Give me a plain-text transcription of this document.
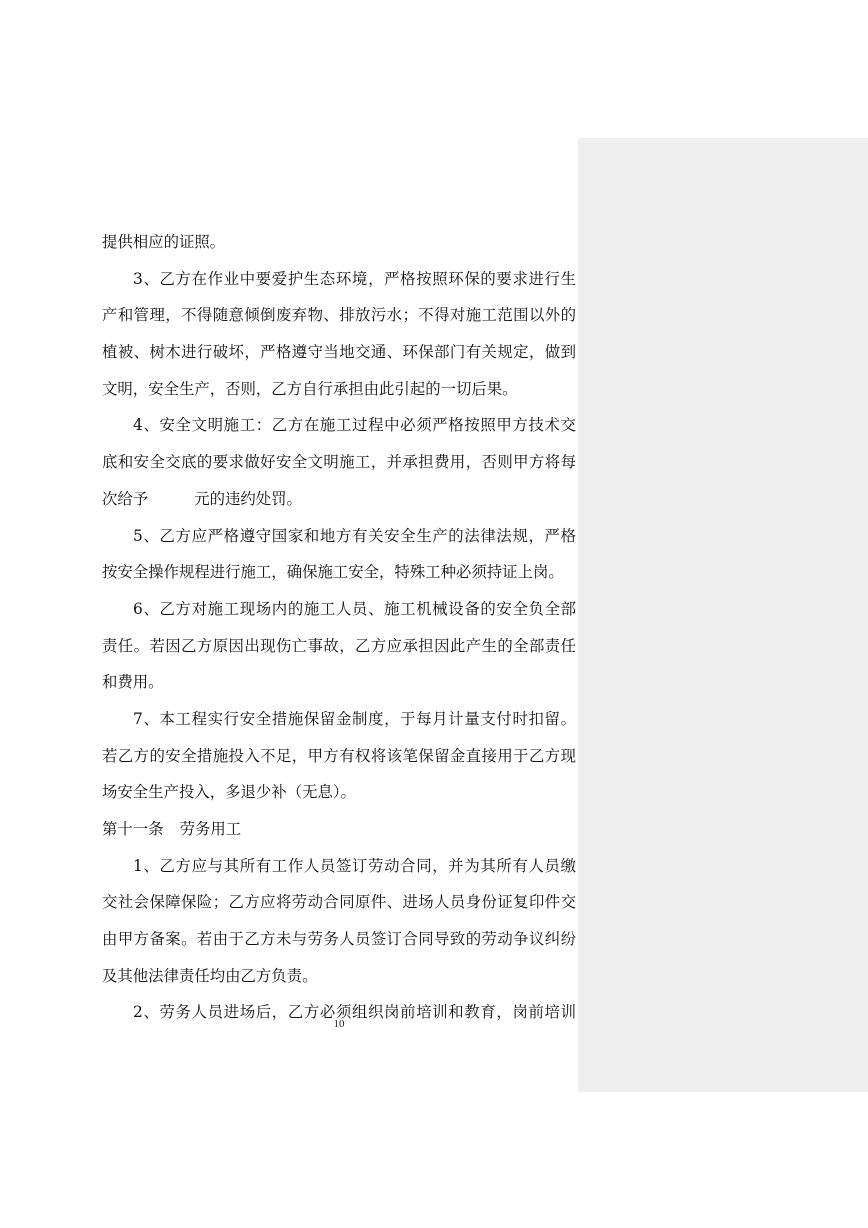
提供相应的证照。
3、乙方在作业中要爱护生态环境，严格按照环保的要求进行生
产和管理，不得随意倾倒废弃物、排放污水；不得对施工范围以外的
植被、树木进行破坏，严格遵守当地交通、环保部门有关规定，做到
文明，安全生产，否则，乙方自行承担由此引起的一切后果。
4、安全文明施工：乙方在施工过程中必须严格按照甲方技术交
底和安全交底的要求做好安全文明施工，并承担费用，否则甲方将每
次给予	元的违约处罚。
5、乙方应严格遵守国家和地方有关安全生产的法律法规，严格
按安全操作规程进行施工，确保施工安全，特殊工种必须持证上岗。
6、乙方对施工现场内的施工人员、施工机械设备的安全负全部
责任。若因乙方原因出现伤亡事故，乙方应承担因此产生的全部责任
和费用。
7、本工程实行安全措施保留金制度，于每月计量支付时扣留。
若乙方的安全措施投入不足，甲方有权将该笔保留金直接用于乙方现
场安全生产投入，多退少补（无息）。
第十一条 劳务用工
1、乙方应与其所有工作人员签订劳动合同，并为其所有人员缴
交社会保障保险；乙方应将劳动合同原件、进场人员身份证复印件交
由甲方备案。若由于乙方未与劳务人员签订合同导致的劳动争议纠纷
及其他法律责任均由乙方负责。
2、劳务人员进场后，乙方必须组织岗前培训和教育，岗前培训
10
